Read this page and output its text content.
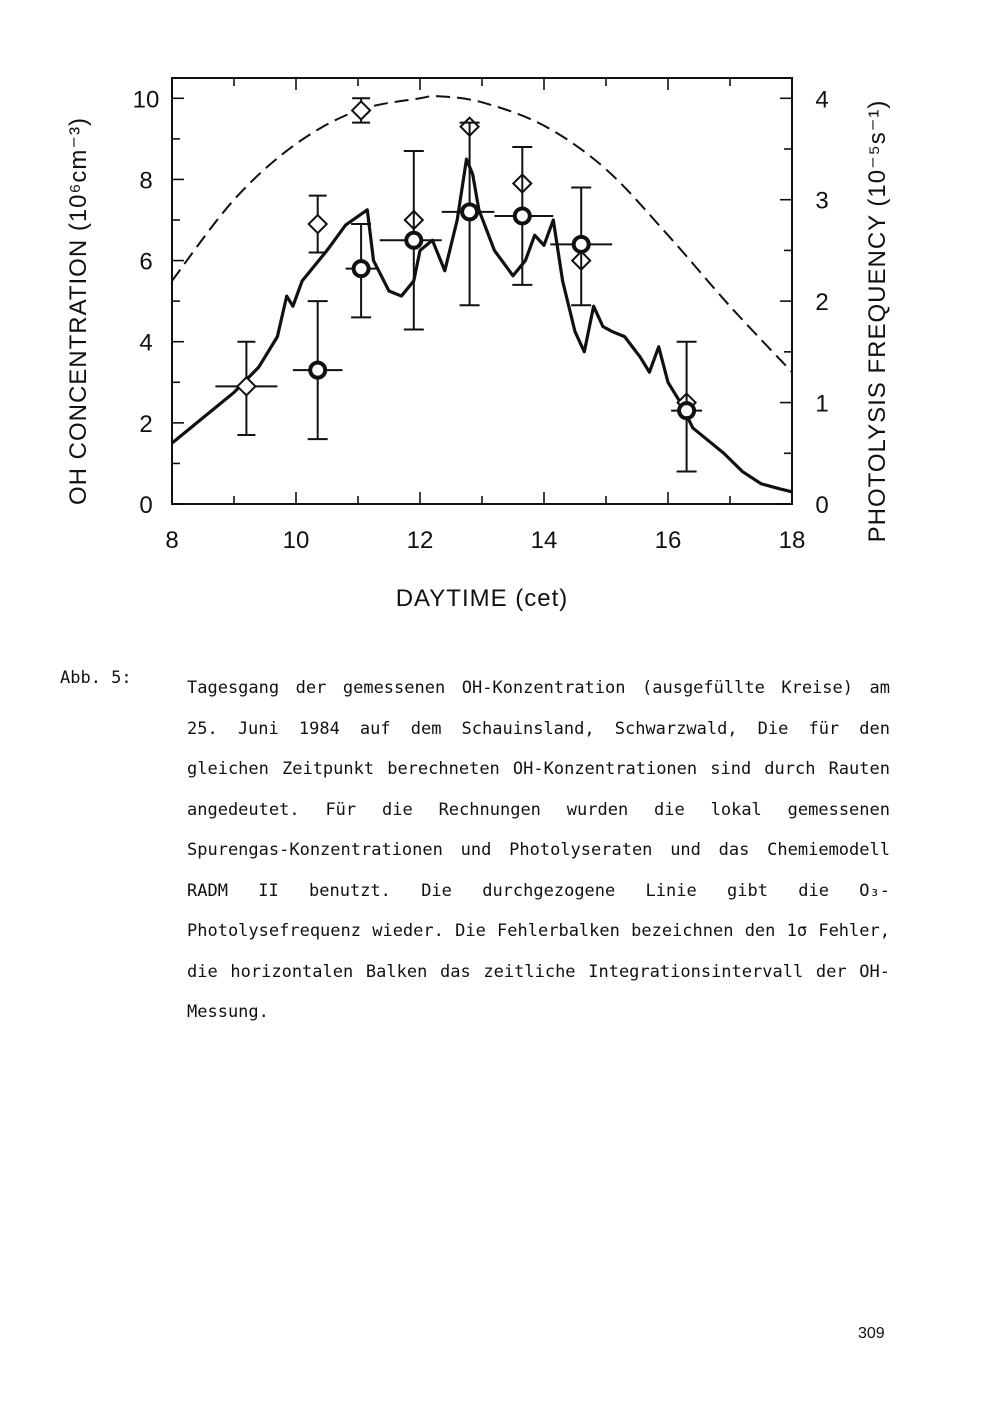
8	10	12	14	16	18
0
2
4
6
8
10
0
1
2
3
4
DAYTIME (cet)
OH CONCENTRATION (10⁶cm⁻³)	PHOTOLYSIS FREQUENCY (10⁻⁵s⁻¹)
Abb. 5:	Tagesgang der gemessenen OH-Konzentration (ausgefüllte Kreise) am 25. Juni 1984 auf dem Schauinsland, Schwarzwald, Die für den gleichen Zeitpunkt berechneten OH-Konzentrationen sind durch Rauten angedeutet. Für die Rechnungen wurden die lokal gemessenen Spurengas-Konzentrationen und Photolyseraten und das Chemiemodell RADM II benutzt. Die durchgezogene Linie gibt die O₃-Photolysefrequenz wieder. Die Fehlerbalken bezeichnen den 1σ Fehler, die horizontalen Balken das zeitliche Integrationsintervall der OH-Messung.

309
